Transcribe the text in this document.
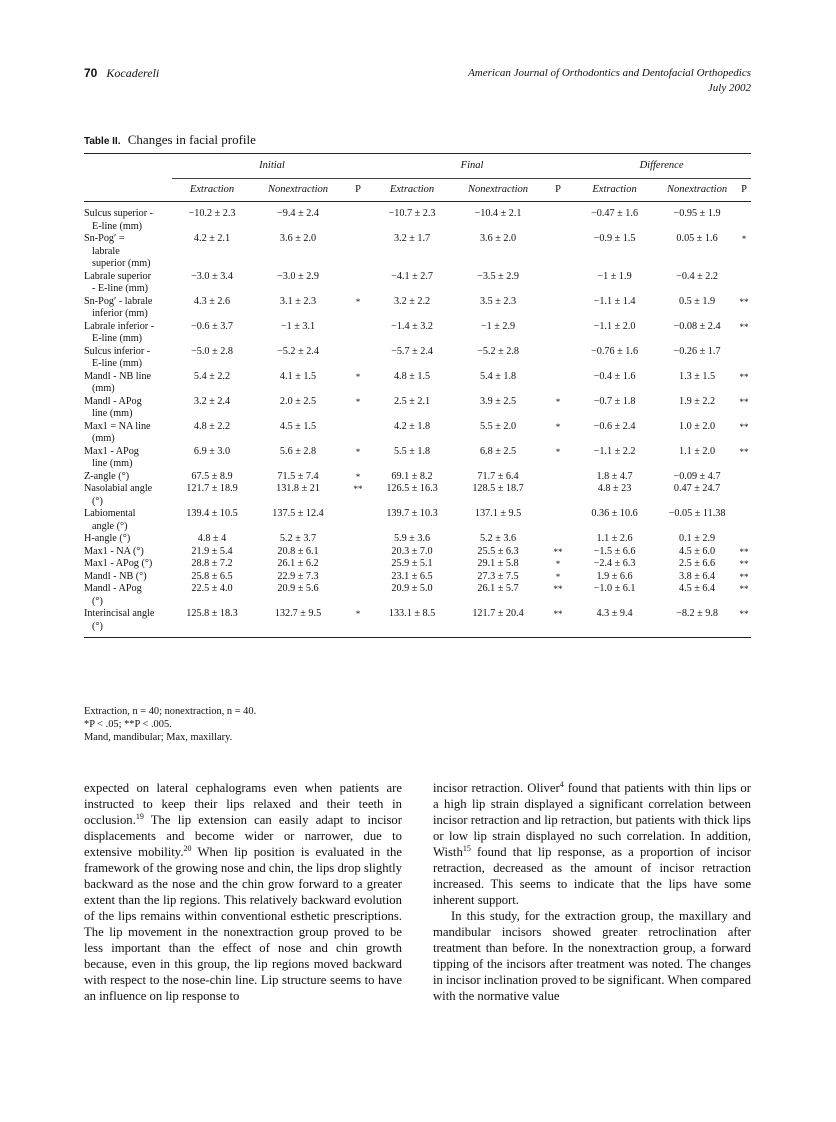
70 Kocadereli	American Journal of Orthodontics and Dentofacial Orthopedics
July 2002
Table II. Changes in facial profile
	Initial			Final			Difference		
	Extraction	Nonextraction	P	Extraction	Nonextraction	P	Extraction	Nonextraction	P
Sulcus superior -
E-line (mm)	−10.2 ± 2.3	−9.4 ± 2.4		−10.7 ± 2.3	−10.4 ± 2.1		−0.47 ± 1.6	−0.95 ± 1.9	
Sn-Pog′ =
labrale
superior (mm)	4.2 ± 2.1	3.6 ± 2.0		3.2 ± 1.7	3.6 ± 2.0		−0.9 ± 1.5	0.05 ± 1.6	*
Labrale superior
- E-line (mm)	−3.0 ± 3.4	−3.0 ± 2.9		−4.1 ± 2.7	−3.5 ± 2.9		−1 ± 1.9	−0.4 ± 2.2	
Sn-Pog′ - labrale
inferior (mm)	4.3 ± 2.6	3.1 ± 2.3	*	3.2 ± 2.2	3.5 ± 2.3		−1.1 ± 1.4	0.5 ± 1.9	**
Labrale inferior -
E-line (mm)	−0.6 ± 3.7	−1 ± 3.1		−1.4 ± 3.2	−1 ± 2.9		−1.1 ± 2.0	−0.08 ± 2.4	**
Sulcus inferior -
E-line (mm)	−5.0 ± 2.8	−5.2 ± 2.4		−5.7 ± 2.4	−5.2 ± 2.8		−0.76 ± 1.6	−0.26 ± 1.7	
Mandl - NB line
(mm)	5.4 ± 2.2	4.1 ± 1.5	*	4.8 ± 1.5	5.4 ± 1.8		−0.4 ± 1.6	1.3 ± 1.5	**
Mandl - APog
line (mm)	3.2 ± 2.4	2.0 ± 2.5	*	2.5 ± 2.1	3.9 ± 2.5	*	−0.7 ± 1.8	1.9 ± 2.2	**
Max1 = NA line
(mm)	4.8 ± 2.2	4.5 ± 1.5		4.2 ± 1.8	5.5 ± 2.0	*	−0.6 ± 2.4	1.0 ± 2.0	**
Max1 - APog
line (mm)	6.9 ± 3.0	5.6 ± 2.8	*	5.5 ± 1.8	6.8 ± 2.5	*	−1.1 ± 2.2	1.1 ± 2.0	**
Z-angle (°)	67.5 ± 8.9	71.5 ± 7.4	*	69.1 ± 8.2	71.7 ± 6.4		1.8 ± 4.7	−0.09 ± 4.7	
Nasolabial angle
(°)	121.7 ± 18.9	131.8 ± 21	**	126.5 ± 16.3	128.5 ± 18.7		4.8 ± 23	0.47 ± 24.7	
Labiomental
angle (°)	139.4 ± 10.5	137.5 ± 12.4		139.7 ± 10.3	137.1 ± 9.5		0.36 ± 10.6	−0.05 ± 11.38	
H-angle (°)	4.8 ± 4	5.2 ± 3.7		5.9 ± 3.6	5.2 ± 3.6		1.1 ± 2.6	0.1 ± 2.9	
Max1 - NA (°)	21.9 ± 5.4	20.8 ± 6.1		20.3 ± 7.0	25.5 ± 6.3	**	−1.5 ± 6.6	4.5 ± 6.0	**
Max1 - APog (°)	28.8 ± 7.2	26.1 ± 6.2		25.9 ± 5.1	29.1 ± 5.8	*	−2.4 ± 6.3	2.5 ± 6.6	**
Mandl - NB (°)	25.8 ± 6.5	22.9 ± 7.3		23.1 ± 6.5	27.3 ± 7.5	*	1.9 ± 6.6	3.8 ± 6.4	**
Mandl - APog
(°)	22.5 ± 4.0	20.9 ± 5.6		20.9 ± 5.0	26.1 ± 5.7	**	−1.0 ± 6.1	4.5 ± 6.4	**
Interincisal angle
(°)	125.8 ± 18.3	132.7 ± 9.5	*	133.1 ± 8.5	121.7 ± 20.4	**	4.3 ± 9.4	−8.2 ± 9.8	**
Extraction, n = 40; nonextraction, n = 40.
*P < .05; **P < .005.
Mand, mandibular; Max, maxillary.

expected on lateral cephalograms even when patients are instructed to keep their lips relaxed and their teeth in occlusion.$^{19}$ The lip extension can easily adapt to incisor displacements and become wider or narrower, due to extensive mobility.$^{20}$ When lip position is evaluated in the framework of the growing nose and chin, the lips drop slightly backward as the nose and the chin grow forward to a greater extent than the lip regions. This relatively backward evolution of the lips remains within conventional esthetic prescriptions. The lip movement in the nonextraction group proved to be less important than the effect of nose and chin growth because, even in this group, the lip regions moved backward with respect to the nose-chin line. Lip structure seems to have an influence on lip response to

incisor retraction. Oliver$^4$ found that patients with thin lips or a high lip strain displayed a significant correlation between incisor retraction and lip retraction, but patients with thick lips or low lip strain displayed no such correlation. In addition, Wisth$^{15}$ found that lip response, as a proportion of incisor retraction, decreased as the amount of incisor retraction increased. This seems to indicate that the lips have some inherent support.

In this study, for the extraction group, the maxillary and mandibular incisors showed greater retroclination after treatment than before. In the nonextraction group, a forward tipping of the incisors after treatment was noted. The changes in incisor inclination proved to be significant. When compared with the normative value
